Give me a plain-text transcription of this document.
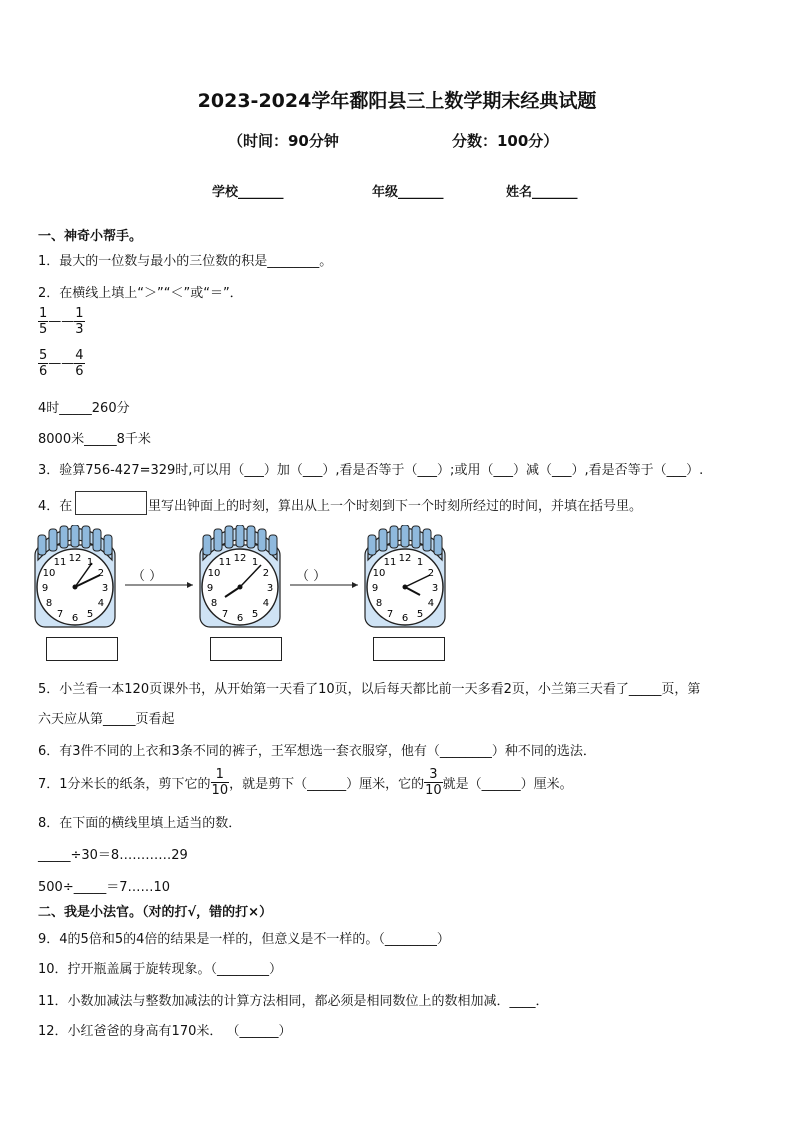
2023-2024学年鄱阳县三上数学期末经典试题
（时间：90分钟	分数：100分）
学校_______	年级_______	姓名_______
一、神奇小帮手。
1．最大的一位数与最小的三位数的积是________。
2．在横线上填上“＞”“＜”或“＝”．
$\frac{1}{5}$ —— $\frac{1}{3}$
$\frac{5}{6}$ —— $\frac{4}{6}$
4时_____260分
8000米_____8千米
3．验算756-427=329时,可以用（___）加（___）,看是否等于（___）;或用（___）减（___）,看是否等于（___）.
4．在	里写出钟面上的时刻，算出从上一个时刻到下一个时刻所经过的时间，并填在括号里。
12 1
2
3
4
5
6
7
8
9
10
11	12 1
2
3
4
5
6
7
8
9
10
11	12 1
2
3
4
5
6
7
8
9
10
11
（ ）	（ ）
5．小兰看一本120页课外书，从开始第一天看了10页，以后每天都比前一天多看2页，小兰第三天看了_____页，第
六天应从第_____页看起
6．有3件不同的上衣和3条不同的裤子，王军想选一套衣服穿，他有（________）种不同的选法．
7．1分米长的纸条，剪下它的 $\frac{1}{10}$ ，就是剪下（______）厘米，它的 $\frac{3}{10}$ 就是（______）厘米。
8．在下面的横线里填上适当的数．
_____÷30＝8…………29
500÷_____＝7……10
二、我是小法官。（对的打√，错的打×）
9．4的5倍和5的4倍的结果是一样的，但意义是不一样的。（________）
10．拧开瓶盖属于旋转现象。（________）
11．小数加减法与整数加减法的计算方法相同，都必须是相同数位上的数相加减．____．
12．小红爸爸的身高有170米． （______）
